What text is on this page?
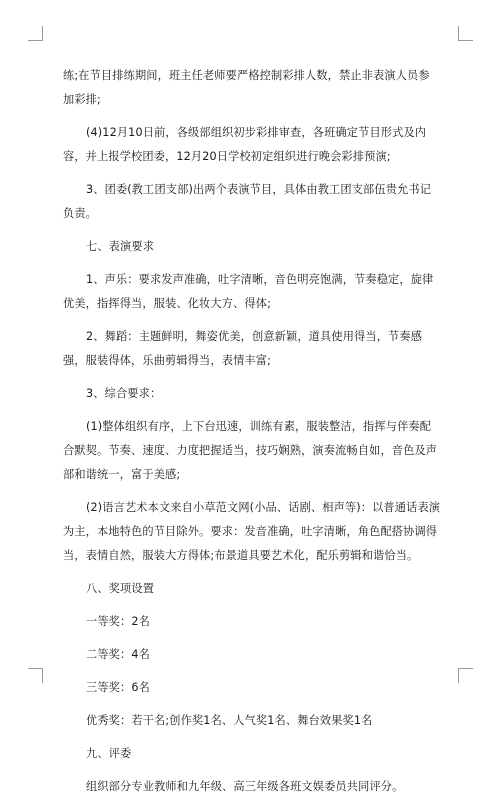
练;在节目排练期间，班主任老师要严格控制彩排人数，禁止非表演人员参加彩排;

(4)12月10日前，各级部组织初步彩排审查，各班确定节目形式及内容，并上报学校团委，12月20日学校初定组织进行晚会彩排预演;

3、团委(教工团支部)出两个表演节目，具体由教工团支部伍贵允书记负责。

七、表演要求

1、声乐：要求发声准确，吐字清晰，音色明亮饱满，节奏稳定，旋律优美，指挥得当，服装、化妆大方、得体;

2、舞蹈：主题鲜明，舞姿优美，创意新颖，道具使用得当，节奏感强，服装得体，乐曲剪辑得当，表情丰富;

3、综合要求：

(1)整体组织有序，上下台迅速，训练有素，服装整洁，指挥与伴奏配合默契。节奏、速度、力度把握适当，技巧娴熟，演奏流畅自如，音色及声部和谐统一，富于美感;

(2)语言艺术本文来自小草范文网(小品、话剧、相声等)：以普通话表演为主，本地特色的节目除外。要求：发音准确，吐字清晰，角色配搭协调得当，表情自然，服装大方得体;布景道具要艺术化，配乐剪辑和谐恰当。

八、奖项设置

一等奖：2名

二等奖：4名

三等奖：6名

优秀奖：若干名;创作奖1名、人气奖1名、舞台效果奖1名

九、评委

组织部分专业教师和九年级、高三年级各班文娱委员共同评分。
